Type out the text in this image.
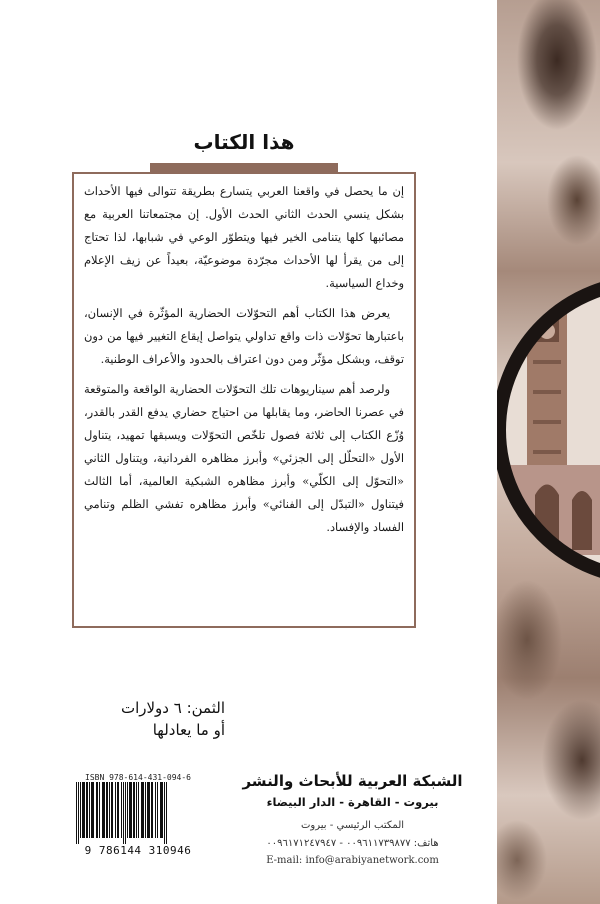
هذا الكتاب

إن ما يحصل في واقعنا العربي يتسارع بطريقة تتوالى فيها الأحداث بشكل ينسي الحدث الثاني الحدث الأول. إن مجتمعاتنا العربية مع مصائبها كلها يتنامى الخير فيها ويتطوّر الوعي في شبابها، لذا تحتاج إلى من يقرأ لها الأحداث مجرّدة موضوعيّة، بعيداً عن زيف الإعلام وخداع السياسية.

يعرض هذا الكتاب أهم التحوّلات الحضارية المؤثّرة في الإنسان، باعتبارها تحوّلات ذات واقع تداولي يتواصل إيقاع التغيير فيها من دون توقف، وبشكل مؤثّر ومن دون اعتراف بالحدود والأعراف الوطنية.

ولرصد أهم سيناريوهات تلك التحوّلات الحضارية الواقعة والمتوقعة في عصرنا الحاضر، وما يقابلها من احتياج حضاري يدفع القدر بالقدر، وُزّع الكتاب إلى ثلاثة فصول تلخّص التحوّلات ويسبقها تمهيد، يتناول الأول «التحلّل إلى الجزئي» وأبرز مظاهره الفردانية، ويتناول الثاني «التحوّل إلى الكلّي» وأبرز مظاهره الشبكية العالمية، أما الثالث فيتناول «التبدّل إلى الفنائي» وأبرز مظاهره تفشي الظلم وتنامي الفساد والإفساد.

الثمن: ٦ دولارات
أو ما يعادلها
الشبكة العربية للأبحاث والنشر
بيروت - القاهرة - الدار البيضاء
المكتب الرئيسي - بيروت
هاتف: ٠٠٩٦١١٧٣٩٨٧٧ - ٠٠٩٦١٧١٢٤٧٩٤٧
E-mail: info@arabiyanetwork.com
ISBN 978-614-431-094-6
9 786144 310946
